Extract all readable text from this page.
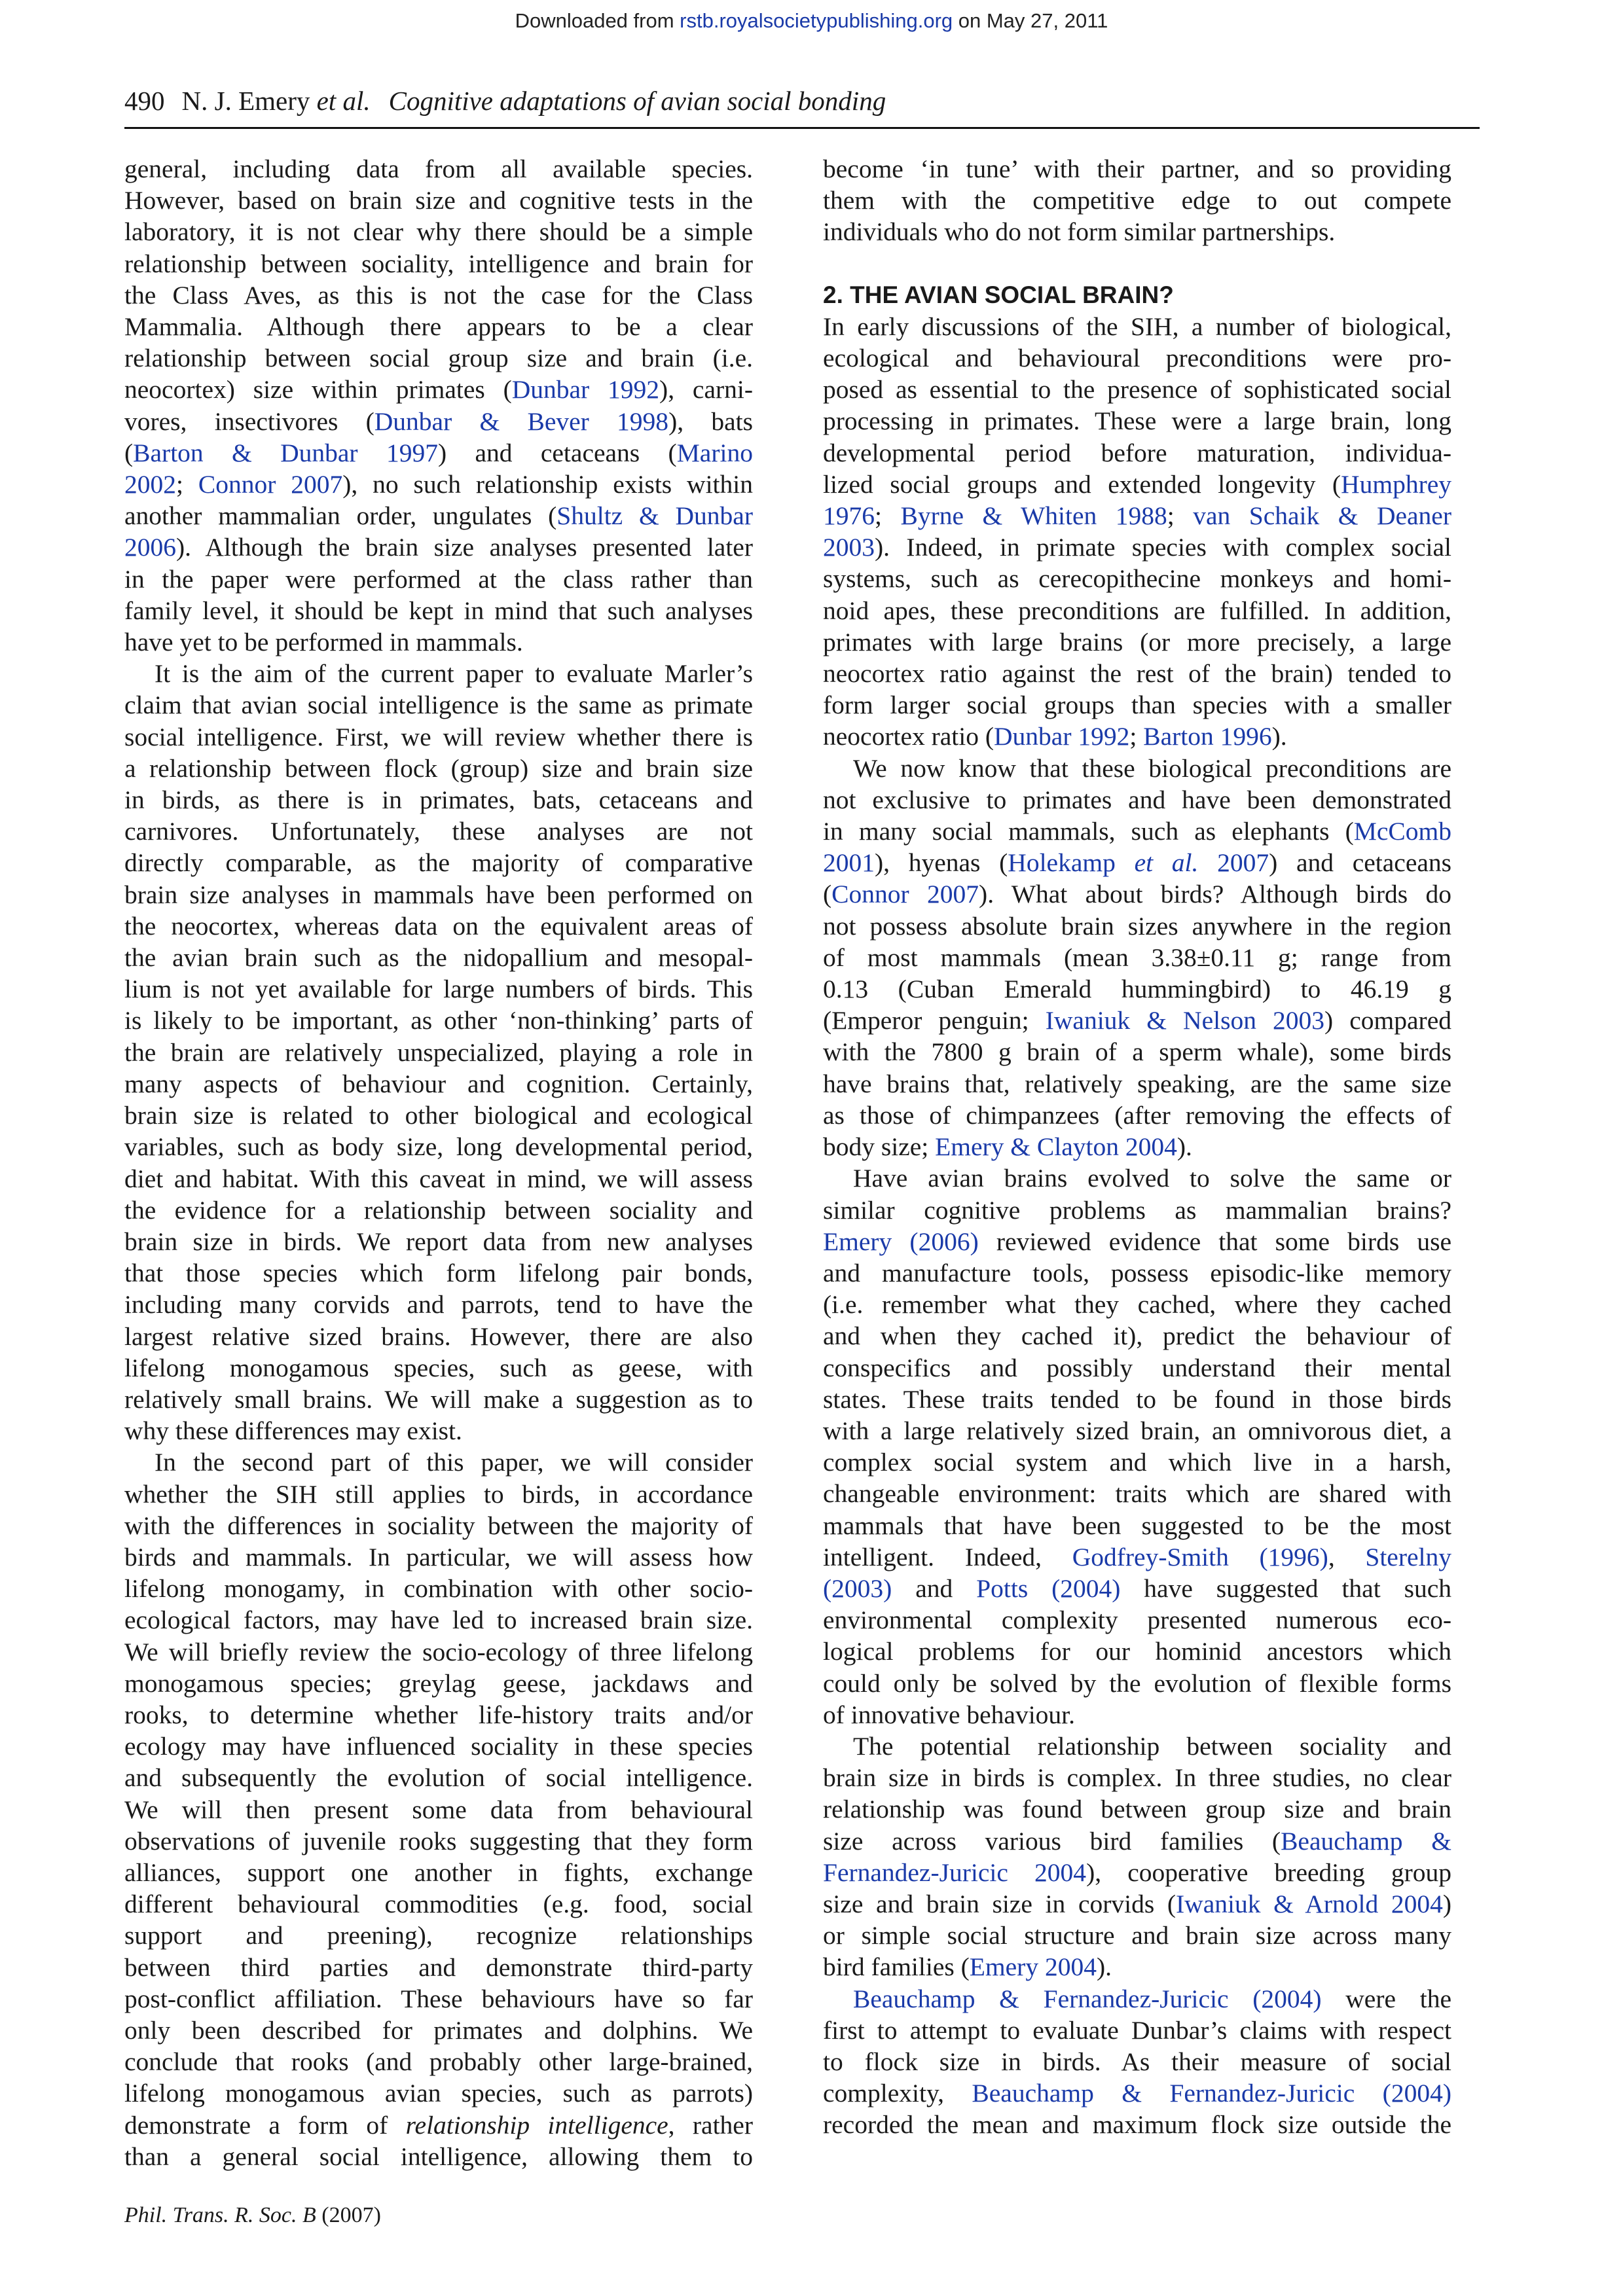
Downloaded from rstb.royalsocietypublishing.org on May 27, 2011
490 N. J. Emery et al. Cognitive adaptations of avian social bonding
general, including data from all available species.
However, based on brain size and cognitive tests in the
laboratory, it is not clear why there should be a simple
relationship between sociality, intelligence and brain for
the Class Aves, as this is not the case for the Class
Mammalia. Although there appears to be a clear
relationship between social group size and brain (i.e.
neocortex) size within primates (Dunbar 1992), carni-
vores, insectivores (Dunbar & Bever 1998), bats
(Barton & Dunbar 1997) and cetaceans (Marino
2002; Connor 2007), no such relationship exists within
another mammalian order, ungulates (Shultz & Dunbar
2006). Although the brain size analyses presented later
in the paper were performed at the class rather than
family level, it should be kept in mind that such analyses
have yet to be performed in mammals.
It is the aim of the current paper to evaluate Marler’s
claim that avian social intelligence is the same as primate
social intelligence. First, we will review whether there is
a relationship between flock (group) size and brain size
in birds, as there is in primates, bats, cetaceans and
carnivores. Unfortunately, these analyses are not
directly comparable, as the majority of comparative
brain size analyses in mammals have been performed on
the neocortex, whereas data on the equivalent areas of
the avian brain such as the nidopallium and mesopal-
lium is not yet available for large numbers of birds. This
is likely to be important, as other ‘non-thinking’ parts of
the brain are relatively unspecialized, playing a role in
many aspects of behaviour and cognition. Certainly,
brain size is related to other biological and ecological
variables, such as body size, long developmental period,
diet and habitat. With this caveat in mind, we will assess
the evidence for a relationship between sociality and
brain size in birds. We report data from new analyses
that those species which form lifelong pair bonds,
including many corvids and parrots, tend to have the
largest relative sized brains. However, there are also
lifelong monogamous species, such as geese, with
relatively small brains. We will make a suggestion as to
why these differences may exist.
In the second part of this paper, we will consider
whether the SIH still applies to birds, in accordance
with the differences in sociality between the majority of
birds and mammals. In particular, we will assess how
lifelong monogamy, in combination with other socio-
ecological factors, may have led to increased brain size.
We will briefly review the socio-ecology of three lifelong
monogamous species; greylag geese, jackdaws and
rooks, to determine whether life-history traits and/or
ecology may have influenced sociality in these species
and subsequently the evolution of social intelligence.
We will then present some data from behavioural
observations of juvenile rooks suggesting that they form
alliances, support one another in fights, exchange
different behavioural commodities (e.g. food, social
support and preening), recognize relationships
between third parties and demonstrate third-party
post-conflict affiliation. These behaviours have so far
only been described for primates and dolphins. We
conclude that rooks (and probably other large-brained,
lifelong monogamous avian species, such as parrots)
demonstrate a form of relationship intelligence, rather
than a general social intelligence, allowing them to
become ‘in tune’ with their partner, and so providing
them with the competitive edge to out compete
individuals who do not form similar partnerships.
2. THE AVIAN SOCIAL BRAIN?
In early discussions of the SIH, a number of biological,
ecological and behavioural preconditions were pro-
posed as essential to the presence of sophisticated social
processing in primates. These were a large brain, long
developmental period before maturation, individua-
lized social groups and extended longevity (Humphrey
1976; Byrne & Whiten 1988; van Schaik & Deaner
2003). Indeed, in primate species with complex social
systems, such as cerecopithecine monkeys and homi-
noid apes, these preconditions are fulfilled. In addition,
primates with large brains (or more precisely, a large
neocortex ratio against the rest of the brain) tended to
form larger social groups than species with a smaller
neocortex ratio (Dunbar 1992; Barton 1996).
We now know that these biological preconditions are
not exclusive to primates and have been demonstrated
in many social mammals, such as elephants (McComb
2001), hyenas (Holekamp et al. 2007) and cetaceans
(Connor 2007). What about birds? Although birds do
not possess absolute brain sizes anywhere in the region
of most mammals (mean 3.38±0.11 g; range from
0.13 (Cuban Emerald hummingbird) to 46.19 g
(Emperor penguin; Iwaniuk & Nelson 2003) compared
with the 7800 g brain of a sperm whale), some birds
have brains that, relatively speaking, are the same size
as those of chimpanzees (after removing the effects of
body size; Emery & Clayton 2004).
Have avian brains evolved to solve the same or
similar cognitive problems as mammalian brains?
Emery (2006) reviewed evidence that some birds use
and manufacture tools, possess episodic-like memory
(i.e. remember what they cached, where they cached
and when they cached it), predict the behaviour of
conspecifics and possibly understand their mental
states. These traits tended to be found in those birds
with a large relatively sized brain, an omnivorous diet, a
complex social system and which live in a harsh,
changeable environment: traits which are shared with
mammals that have been suggested to be the most
intelligent. Indeed, Godfrey-Smith (1996), Sterelny
(2003) and Potts (2004) have suggested that such
environmental complexity presented numerous eco-
logical problems for our hominid ancestors which
could only be solved by the evolution of flexible forms
of innovative behaviour.
The potential relationship between sociality and
brain size in birds is complex. In three studies, no clear
relationship was found between group size and brain
size across various bird families (Beauchamp &
Fernandez-Juricic 2004), cooperative breeding group
size and brain size in corvids (Iwaniuk & Arnold 2004)
or simple social structure and brain size across many
bird families (Emery 2004).
Beauchamp & Fernandez-Juricic (2004) were the
first to attempt to evaluate Dunbar’s claims with respect
to flock size in birds. As their measure of social
complexity, Beauchamp & Fernandez-Juricic (2004)
recorded the mean and maximum flock size outside the
Phil. Trans. R. Soc. B (2007)
